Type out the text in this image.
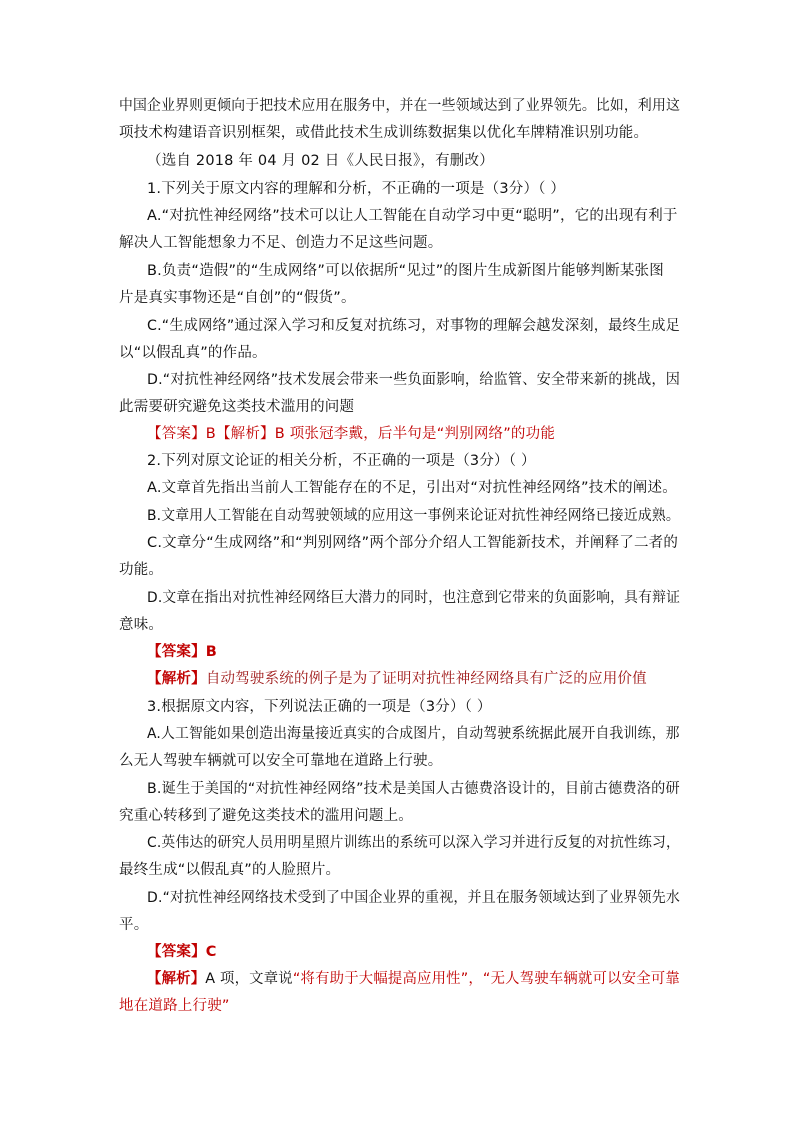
中国企业界则更倾向于把技术应用在服务中，并在一些领域达到了业界领先。比如，利用这
项技术构建语音识别框架，或借此技术生成训练数据集以优化车牌精准识别功能。
（选自 2018 年 04 月 02 日《人民日报》，有删改）
1.下列关于原文内容的理解和分析，不正确的一项是（3分）（ ）
A.“对抗性神经网络”技术可以让人工智能在自动学习中更“聪明”，它的出现有利于
解决人工智能想象力不足、创造力不足这些问题。
B.负责“造假”的“生成网络”可以依据所“见过”的图片生成新图片能够判断某张图
片是真实事物还是“自创”的“假货”。
C.“生成网络”通过深入学习和反复对抗练习，对事物的理解会越发深刻，最终生成足
以“以假乱真”的作品。
D.“对抗性神经网络”技术发展会带来一些负面影响，给监管、安全带来新的挑战，因
此需要研究避免这类技术滥用的问题
【答案】B【解析】B 项张冠李戴，后半句是“判别网络”的功能
2.下列对原文论证的相关分析，不正确的一项是（3分）（ ）
A.文章首先指出当前人工智能存在的不足，引出对“对抗性神经网络”技术的阐述。
B.文章用人工智能在自动驾驶领域的应用这一事例来论证对抗性神经网络已接近成熟。
C.文章分“生成网络”和“判别网络”两个部分介绍人工智能新技术，并阐释了二者的
功能。
D.文章在指出对抗性神经网络巨大潜力的同时，也注意到它带来的负面影响，具有辩证
意味。
【答案】B
【解析】自动驾驶系统的例子是为了证明对抗性神经网络具有广泛的应用价值
3.根据原文内容，下列说法正确的一项是（3分）（ ）
A.人工智能如果创造出海量接近真实的合成图片，自动驾驶系统据此展开自我训练，那
么无人驾驶车辆就可以安全可靠地在道路上行驶。
B.诞生于美国的“对抗性神经网络”技术是美国人古德费洛设计的，目前古德费洛的研
究重心转移到了避免这类技术的滥用问题上。
C.英伟达的研究人员用明星照片训练出的系统可以深入学习并进行反复的对抗性练习，
最终生成“以假乱真”的人脸照片。
D.“对抗性神经网络技术受到了中国企业界的重视，并且在服务领域达到了业界领先水
平。
【答案】C
【解析】A 项，文章说“将有助于大幅提高应用性”，“无人驾驶车辆就可以安全可靠
地在道路上行驶”
